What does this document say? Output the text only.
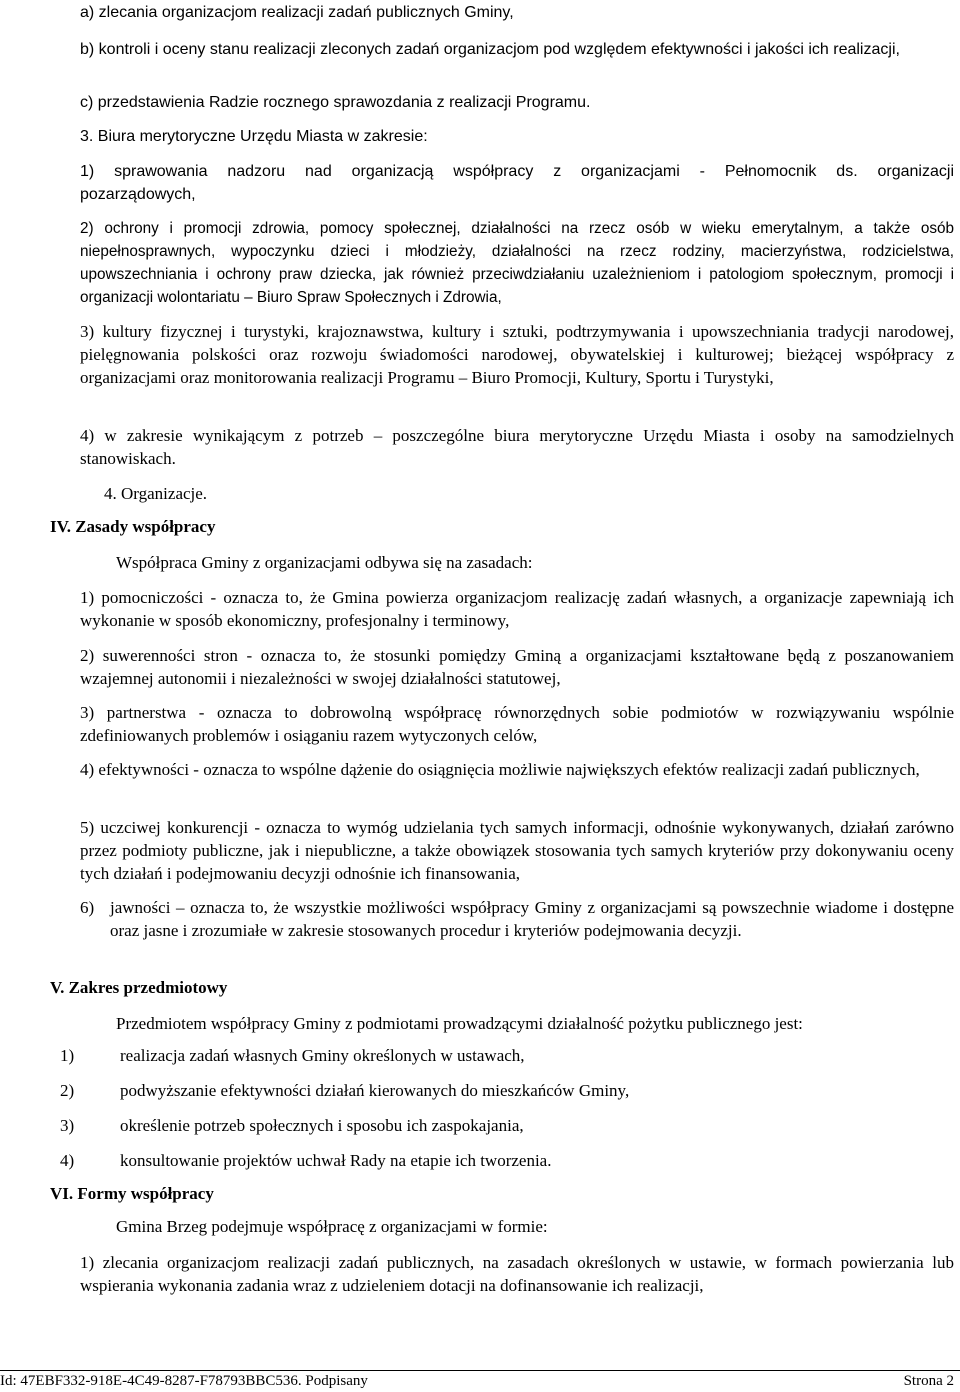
a) zlecania organizacjom realizacji zadań publicznych Gminy,
b) kontroli i oceny stanu realizacji zleconych zadań organizacjom pod względem efektywności i jakości ich realizacji,
c) przedstawienia Radzie rocznego sprawozdania z realizacji Programu.
3. Biura merytoryczne Urzędu Miasta w zakresie:
1) sprawowania nadzoru nad organizacją współpracy z organizacjami - Pełnomocnik ds. organizacji pozarządowych,
2) ochrony i promocji zdrowia, pomocy społecznej, działalności na rzecz osób w wieku emerytalnym, a także osób niepełnosprawnych, wypoczynku dzieci i młodzieży, działalności na rzecz rodziny, macierzyństwa, rodzicielstwa, upowszechniania i ochrony praw dziecka, jak również przeciwdziałaniu uzależnieniom i patologiom społecznym, promocji i organizacji wolontariatu – Biuro Spraw Społecznych i Zdrowia,
3) kultury fizycznej i turystyki, krajoznawstwa, kultury i sztuki, podtrzymywania i upowszechniania tradycji narodowej, pielęgnowania polskości oraz rozwoju świadomości narodowej, obywatelskiej i kulturowej; bieżącej współpracy z organizacjami oraz monitorowania realizacji Programu – Biuro Promocji, Kultury, Sportu i Turystyki,
4) w zakresie wynikającym z potrzeb – poszczególne biura merytoryczne Urzędu Miasta i osoby na samodzielnych stanowiskach.
4. Organizacje.
IV. Zasady współpracy
Współpraca Gminy z organizacjami odbywa się na zasadach:
1) pomocniczości - oznacza to, że Gmina powierza organizacjom realizację zadań własnych, a organizacje zapewniają ich wykonanie w sposób ekonomiczny, profesjonalny i terminowy,
2) suwerenności stron - oznacza to, że stosunki pomiędzy Gminą a organizacjami kształtowane będą z poszanowaniem wzajemnej autonomii i niezależności w swojej działalności statutowej,
3) partnerstwa - oznacza to dobrowolną współpracę równorzędnych sobie podmiotów w rozwiązywaniu wspólnie zdefiniowanych problemów i osiąganiu razem wytyczonych celów,
4) efektywności - oznacza to wspólne dążenie do osiągnięcia możliwie największych efektów realizacji zadań publicznych,
5) uczciwej konkurencji - oznacza to wymóg udzielania tych samych informacji, odnośnie wykonywanych, działań zarówno przez podmioty publiczne, jak i niepubliczne, a także obowiązek stosowania tych samych kryteriów przy dokonywaniu oceny tych działań i podejmowaniu decyzji odnośnie ich finansowania,
6) jawności – oznacza to, że wszystkie możliwości współpracy Gminy z organizacjami są powszechnie wiadome i dostępne oraz jasne i zrozumiałe w zakresie stosowanych procedur i kryteriów podejmowania decyzji.
V. Zakres przedmiotowy
Przedmiotem współpracy Gminy z podmiotami prowadzącymi działalność pożytku publicznego jest:
1)	realizacja zadań własnych Gminy określonych w ustawach,
2)	podwyższanie efektywności działań kierowanych do mieszkańców Gminy,
3)	określenie potrzeb społecznych i sposobu ich zaspokajania,
4)	konsultowanie projektów uchwał Rady na etapie ich tworzenia.
VI. Formy współpracy
Gmina Brzeg podejmuje współpracę z organizacjami w formie:
1) zlecania organizacjom realizacji zadań publicznych, na zasadach określonych w ustawie, w formach powierzania lub wspierania wykonania zadania wraz z udzieleniem dotacji na dofinansowanie ich realizacji,
Id: 47EBF332-918E-4C49-8287-F78793BBC536. Podpisany	Strona 2
